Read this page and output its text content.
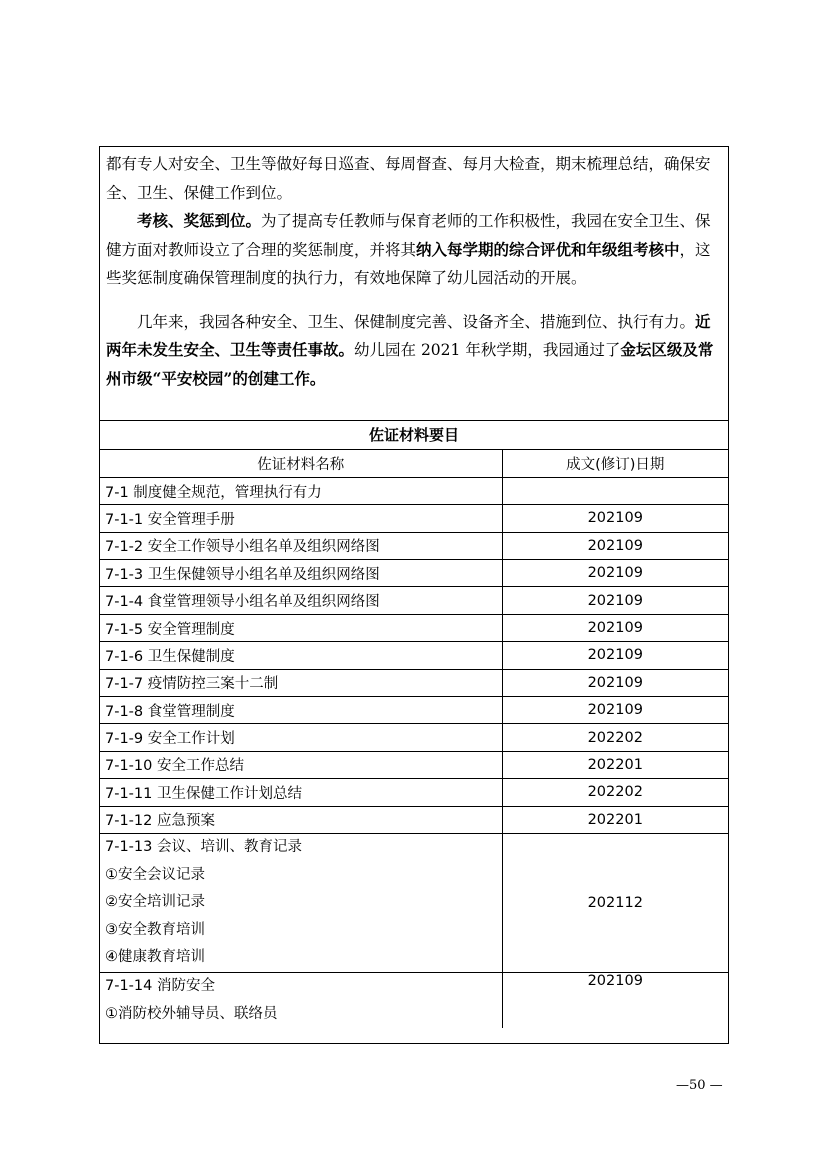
都有专人对安全、卫生等做好每日巡查、每周督查、每月大检查，期末梳理总结，确保安全、卫生、保健工作到位。

考核、奖惩到位。为了提高专任教师与保育老师的工作积极性，我园在安全卫生、保健方面对教师设立了合理的奖惩制度，并将其纳入每学期的综合评优和年级组考核中，这些奖惩制度确保管理制度的执行力，有效地保障了幼儿园活动的开展。

几年来，我园各种安全、卫生、保健制度完善、设备齐全、措施到位、执行有力。近两年未发生安全、卫生等责任事故。幼儿园在 2021 年秋学期，我园通过了金坛区级及常州市级“平安校园”的创建工作。

佐证材料要目
佐证材料名称	成文(修订)日期
7-1 制度健全规范，管理执行有力	
7-1-1 安全管理手册	202109
7-1-2 安全工作领导小组名单及组织网络图	202109
7-1-3 卫生保健领导小组名单及组织网络图	202109
7-1-4 食堂管理领导小组名单及组织网络图	202109
7-1-5 安全管理制度	202109
7-1-6 卫生保健制度	202109
7-1-7 疫情防控三案十二制	202109
7-1-8 食堂管理制度	202109
7-1-9 安全工作计划	202202
7-1-10 安全工作总结	202201
7-1-11 卫生保健工作计划总结	202202
7-1-12 应急预案	202201

7-1-13 会议、培训、教育记录
①安全会议记录
②安全培训记录
③安全教育培训
④健康教育培训	202112

7-1-14 消防安全
①消防校外辅导员、联络员	202109
—50 —
